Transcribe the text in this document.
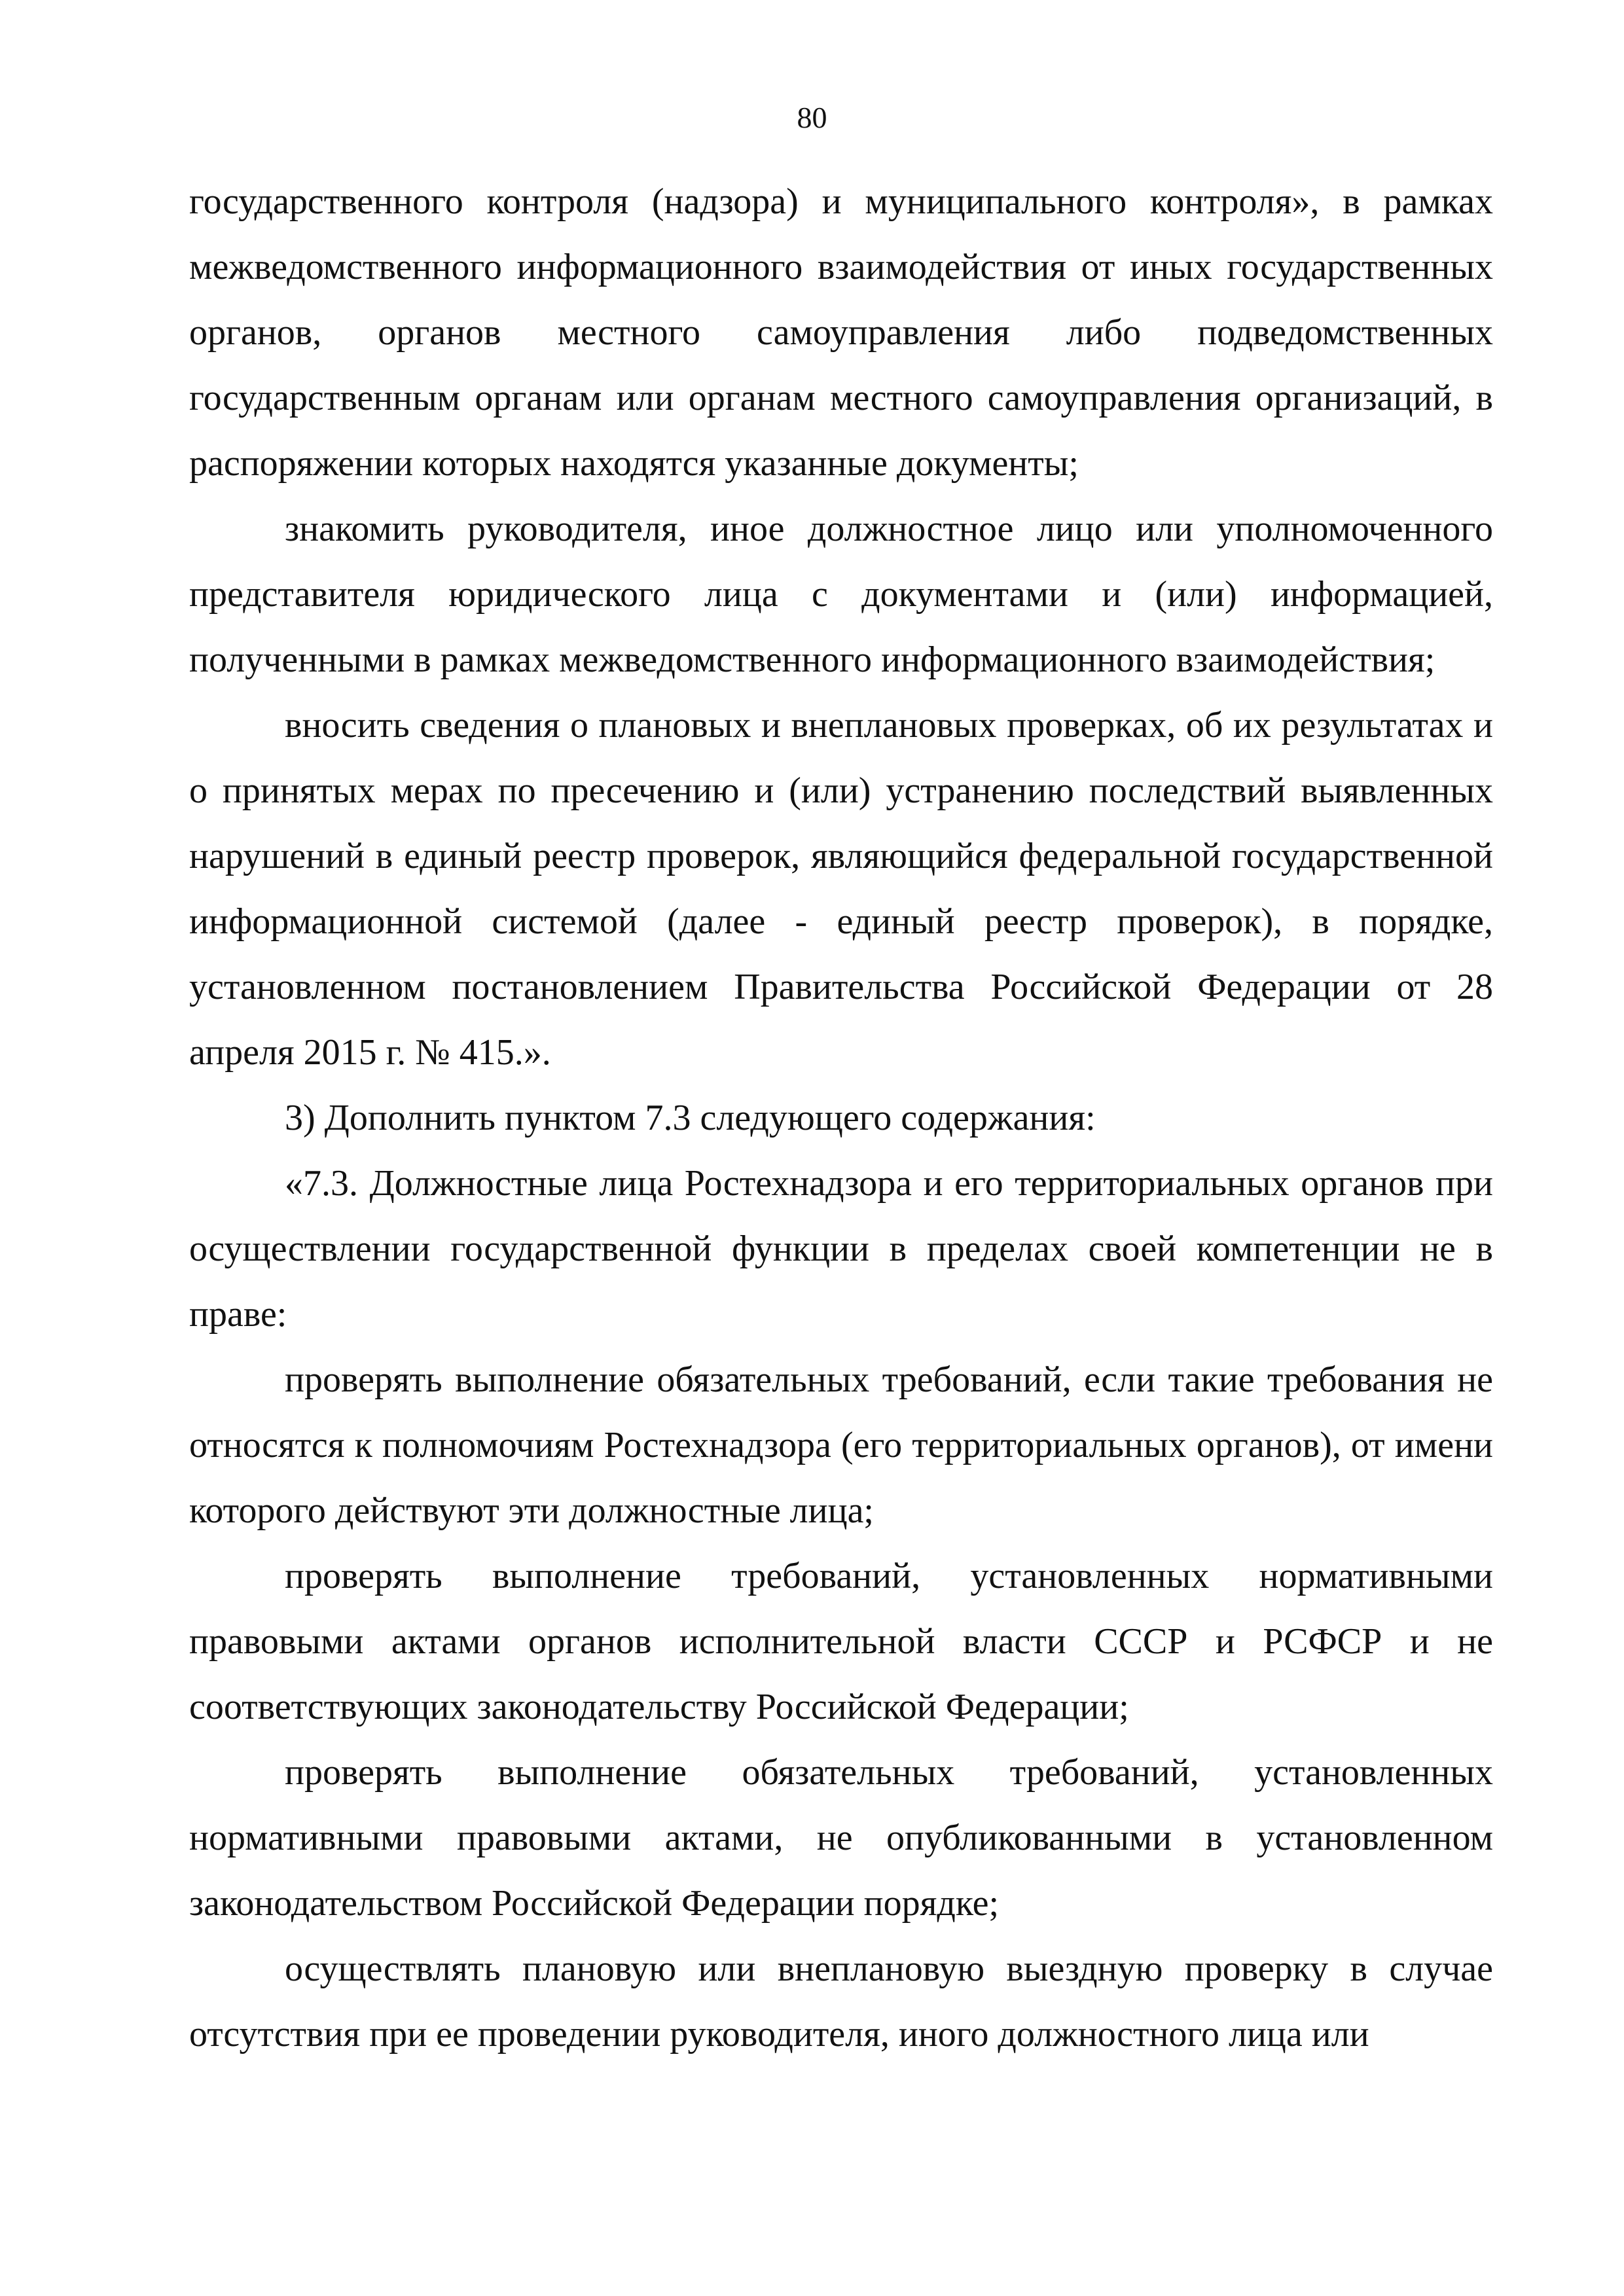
80

государственного контроля (надзора) и муниципального контроля», в рамках межведомственного информационного взаимодействия от иных государственных органов, органов местного самоуправления либо подведомственных государственным органам или органам местного самоуправления организаций, в распоряжении которых находятся указанные документы;

знакомить руководителя, иное должностное лицо или уполномоченного представителя юридического лица с документами и (или) информацией, полученными в рамках межведомственного информационного взаимодействия;

вносить сведения о плановых и внеплановых проверках, об их результатах и о принятых мерах по пресечению и (или) устранению последствий выявленных нарушений в единый реестр проверок, являющийся федеральной государственной информационной системой (далее - единый реестр проверок), в порядке, установленном постановлением Правительства Российской Федерации от 28 апреля 2015 г. № 415.».

3) Дополнить пунктом 7.3 следующего содержания:

«7.3. Должностные лица Ростехнадзора и его территориальных органов при осуществлении государственной функции в пределах своей компетенции не в праве:

проверять выполнение обязательных требований, если такие требования не относятся к полномочиям Ростехнадзора (его территориальных органов), от имени которого действуют эти должностные лица;

проверять выполнение требований, установленных нормативными правовыми актами органов исполнительной власти СССР и РСФСР и не соответствующих законодательству Российской Федерации;

проверять выполнение обязательных требований, установленных нормативными правовыми актами, не опубликованными в установленном законодательством Российской Федерации порядке;

осуществлять плановую или внеплановую выездную проверку в случае отсутствия при ее проведении руководителя, иного должностного лица или
